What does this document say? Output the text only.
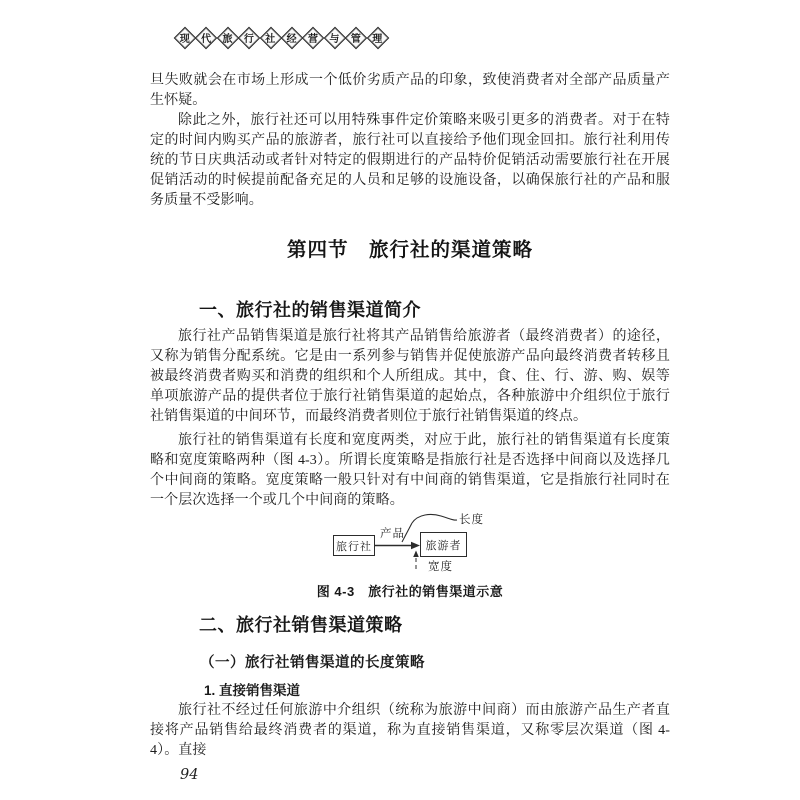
现	代	旅	行	社	经	营	与	管	理

旦失败就会在市场上形成一个低价劣质产品的印象，致使消费者对全部产品质量产生怀疑。

除此之外，旅行社还可以用特殊事件定价策略来吸引更多的消费者。对于在特定的时间内购买产品的旅游者，旅行社可以直接给予他们现金回扣。旅行社利用传统的节日庆典活动或者针对特定的假期进行的产品特价促销活动需要旅行社在开展促销活动的时候提前配备充足的人员和足够的设施设备，以确保旅行社的产品和服务质量不受影响。

第四节　旅行社的渠道策略
一、旅行社的销售渠道简介

旅行社产品销售渠道是旅行社将其产品销售给旅游者（最终消费者）的途径，又称为销售分配系统。它是由一系列参与销售并促使旅游产品向最终消费者转移且被最终消费者购买和消费的组织和个人所组成。其中，食、住、行、游、购、娱等单项旅游产品的提供者位于旅行社销售渠道的起始点，各种旅游中介组织位于旅行社销售渠道的中间环节，而最终消费者则位于旅行社销售渠道的终点。

旅行社的销售渠道有长度和宽度两类，对应于此，旅行社的销售渠道有长度策略和宽度策略两种（图 4-3）。所谓长度策略是指旅行社是否选择中间商以及选择几个中间商的策略。宽度策略一般只针对有中间商的销售渠道，它是指旅行社同时在一个层次选择一个或几个中间商的策略。

旅行社	旅游者
产品
长度
宽度
图 4-3　旅行社的销售渠道示意
二、旅行社销售渠道策略
（一）旅行社销售渠道的长度策略
1. 直接销售渠道

旅行社不经过任何旅游中介组织（统称为旅游中间商）而由旅游产品生产者直接将产品销售给最终消费者的渠道，称为直接销售渠道，又称零层次渠道（图 4-4）。直接

94
